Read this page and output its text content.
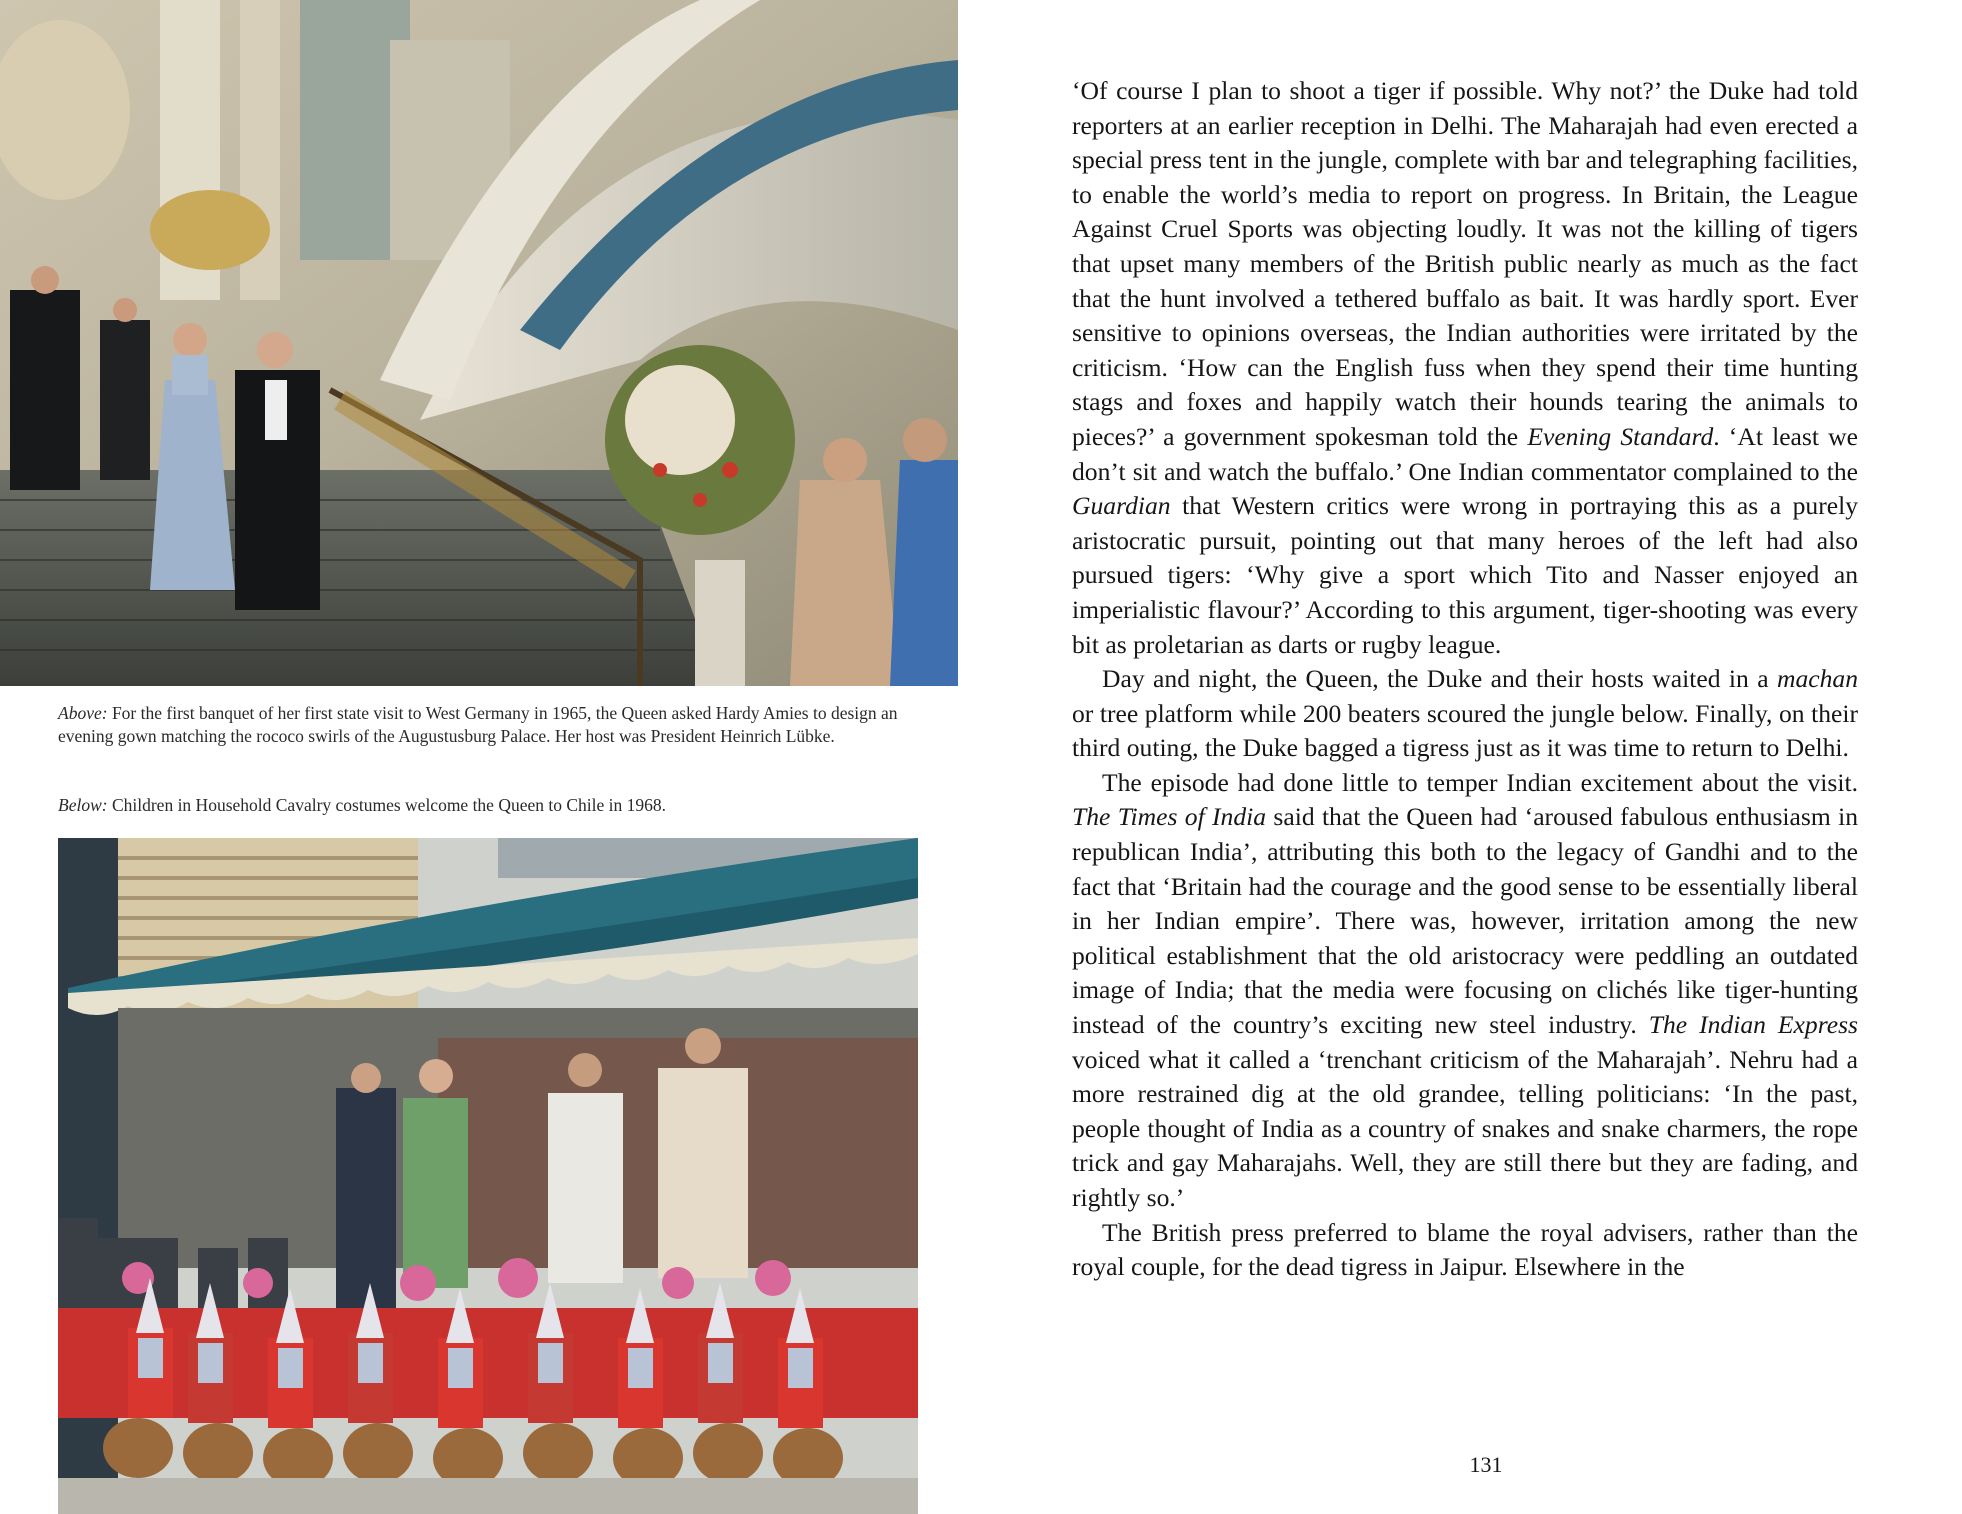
Above: For the first banquet of her first state visit to West Germany in 1965, the Queen asked Hardy Amies to design an evening gown matching the rococo swirls of the Augustusburg Palace. Her host was President Heinrich Lübke.

Below: Children in Household Cavalry costumes welcome the Queen to Chile in 1968.

‘Of course I plan to shoot a tiger if possible. Why not?’ the Duke had told reporters at an earlier reception in Delhi. The Maharajah had even erected a special press tent in the jungle, complete with bar and telegraphing facilities, to enable the world’s media to report on progress. In Britain, the League Against Cruel Sports was objecting loudly. It was not the killing of tigers that upset many members of the British public nearly as much as the fact that the hunt involved a tethered buffalo as bait. It was hardly sport. Ever sensitive to opinions overseas, the Indian authorities were irritated by the criticism. ‘How can the English fuss when they spend their time hunting stags and foxes and happily watch their hounds tearing the animals to pieces?’ a government spokesman told the Evening Standard. ‘At least we don’t sit and watch the buffalo.’ One Indian commentator complained to the Guardian that Western critics were wrong in portraying this as a purely aristocratic pursuit, pointing out that many heroes of the left had also pursued tigers: ‘Why give a sport which Tito and Nasser enjoyed an imperialistic flavour?’ According to this argument, tiger-shooting was every bit as proletarian as darts or rugby league.

Day and night, the Queen, the Duke and their hosts waited in a machan or tree platform while 200 beaters scoured the jungle below. Finally, on their third outing, the Duke bagged a tigress just as it was time to return to Delhi.

The episode had done little to temper Indian excitement about the visit. The Times of India said that the Queen had ‘aroused fabulous enthusiasm in republican India’, attributing this both to the legacy of Gandhi and to the fact that ‘Britain had the courage and the good sense to be essentially liberal in her Indian empire’. There was, however, irritation among the new political establishment that the old aristocracy were peddling an outdated image of India; that the media were focusing on clichés like tiger-hunting instead of the country’s exciting new steel industry. The Indian Express voiced what it called a ‘trenchant criticism of the Maharajah’. Nehru had a more restrained dig at the old grandee, telling politicians: ‘In the past, people thought of India as a country of snakes and snake charmers, the rope trick and gay Maharajahs. Well, they are still there but they are fading, and rightly so.’

The British press preferred to blame the royal advisers, rather than the royal couple, for the dead tigress in Jaipur. Elsewhere in the

131
